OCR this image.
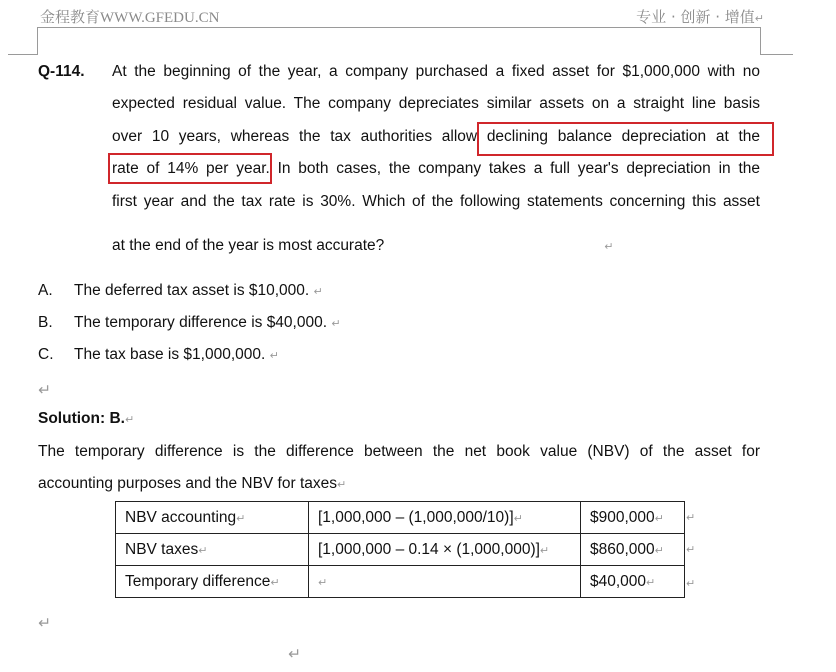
金程教育WWW.GFEDU.CN	专业 · 创新 · 增值↵
Q-114. At the beginning of the year, a company purchased a fixed asset for $1,000,000 with no
expected residual value. The company depreciates similar assets on a straight line basis
over 10 years, whereas the tax authorities allow declining balance depreciation at the
rate of 14% per year. In both cases, the company takes a full year's depreciation in the
first year and the tax rate is 30%. Which of the following statements concerning this asset
at the end of the year is most accurate?	↵
A. The deferred tax asset is $10,000. ↵
B. The temporary difference is $40,000. ↵
C. The tax base is $1,000,000. ↵
↵
Solution: B.↵
The temporary difference is the difference between the net book value (NBV) of the asset for
accounting purposes and the NBV for taxes↵
NBV accounting↵	[1,000,000 – (1,000,000/10)]↵	$900,000↵
NBV taxes↵	[1,000,000 – 0.14 × (1,000,000)]↵	$860,000↵
Temporary difference↵	↵	$40,000↵
↵
↵
↵
↵
↵
